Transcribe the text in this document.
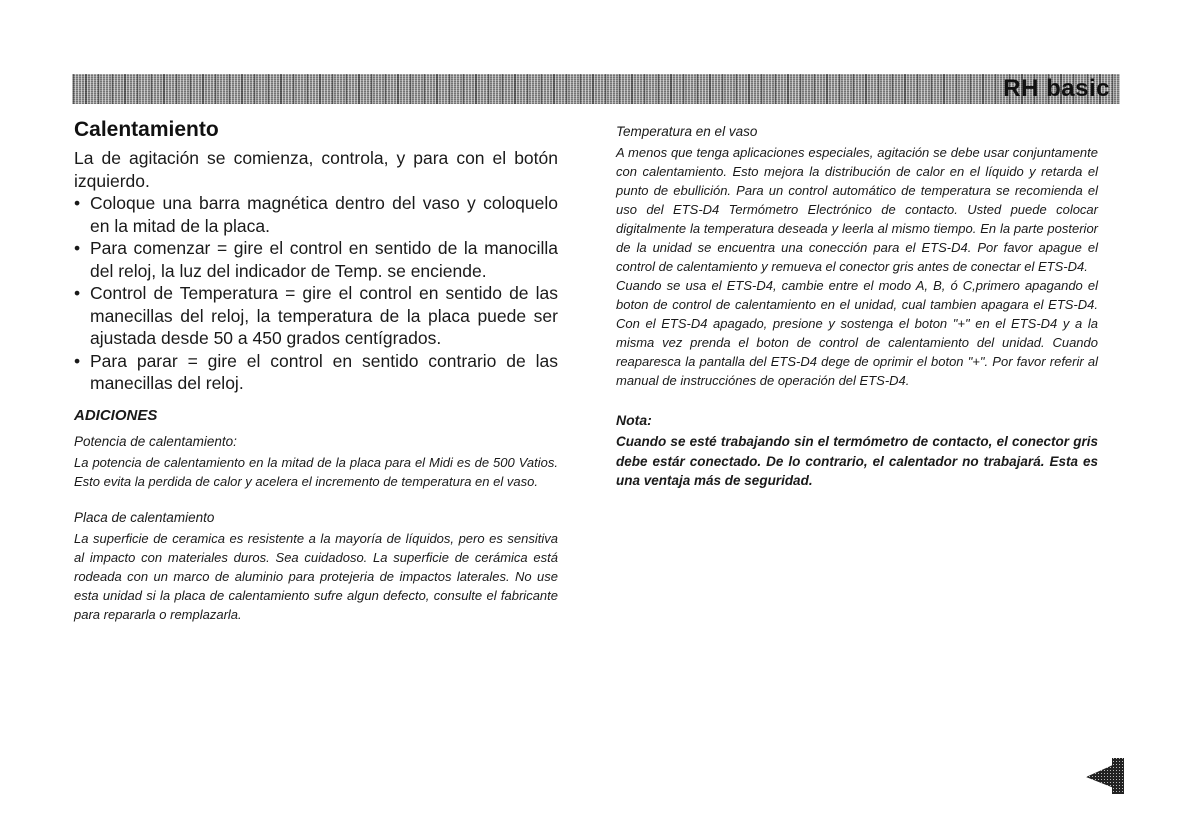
RH basic
Calentamiento

La de agitación se comienza, controla, y para con el botón izquierdo.

• Coloque una barra magnética dentro del vaso y coloquelo en la mitad de la placa.
• Para comenzar = gire el control en sentido de la manocilla del reloj, la luz del indicador de Temp. se enciende.
• Control de Temperatura = gire el control en sentido de las manecillas del reloj, la temperatura de la placa puede ser ajustada desde 50 a 450 grados centígrados.
• Para parar = gire el control en sentido contrario de las manecillas del reloj.
ADICIONES

Potencia de calentamiento:

La potencia de calentamiento en la mitad de la placa para el Midi es de 500 Vatios. Esto evita la perdida de calor y acelera el incremento de temperatura en el vaso.

Placa de calentamiento

La superficie de ceramica es resistente a la mayoría de líquidos, pero es sensitiva al impacto con materiales duros. Sea cuidadoso. La superficie de cerámica está rodeada con un marco de aluminio para protejeria de impactos laterales. No use esta unidad si la placa de calentamiento sufre algun defecto, consulte el fabricante para repararla o remplazarla.

Temperatura en el vaso

A menos que tenga aplicaciones especiales, agitación se debe usar conjuntamente con calentamiento. Esto mejora la distribución de calor en el líquido y retarda el punto de ebullición. Para un control automático de temperatura se recomienda el uso del ETS-D4 Termómetro Electrónico de contacto. Usted puede colocar digitalmente la temperatura deseada y leerla al mismo tiempo. En la parte posterior de la unidad se encuentra una conección para el ETS-D4. Por favor apague el control de calentamiento y remueva el conector gris antes de conectar el ETS-D4.

Cuando se usa el ETS-D4, cambie entre el modo A, B, ó C,primero apagando el boton de control de calentamiento en el unidad, cual tambien apagara el ETS-D4. Con el ETS-D4 apagado, presione y sostenga el boton "+" en el ETS-D4 y a la misma vez prenda el boton de control de calentamiento del unidad. Cuando reaparesca la pantalla del ETS-D4 dege de oprimir el boton "+". Por favor referir al manual de instrucciónes de operación del ETS-D4.

Nota:

Cuando se esté trabajando sin el termómetro de contacto, el conector gris debe estár conectado. De lo contrario, el calentador no trabajará. Esta es una ventaja más de seguridad.
